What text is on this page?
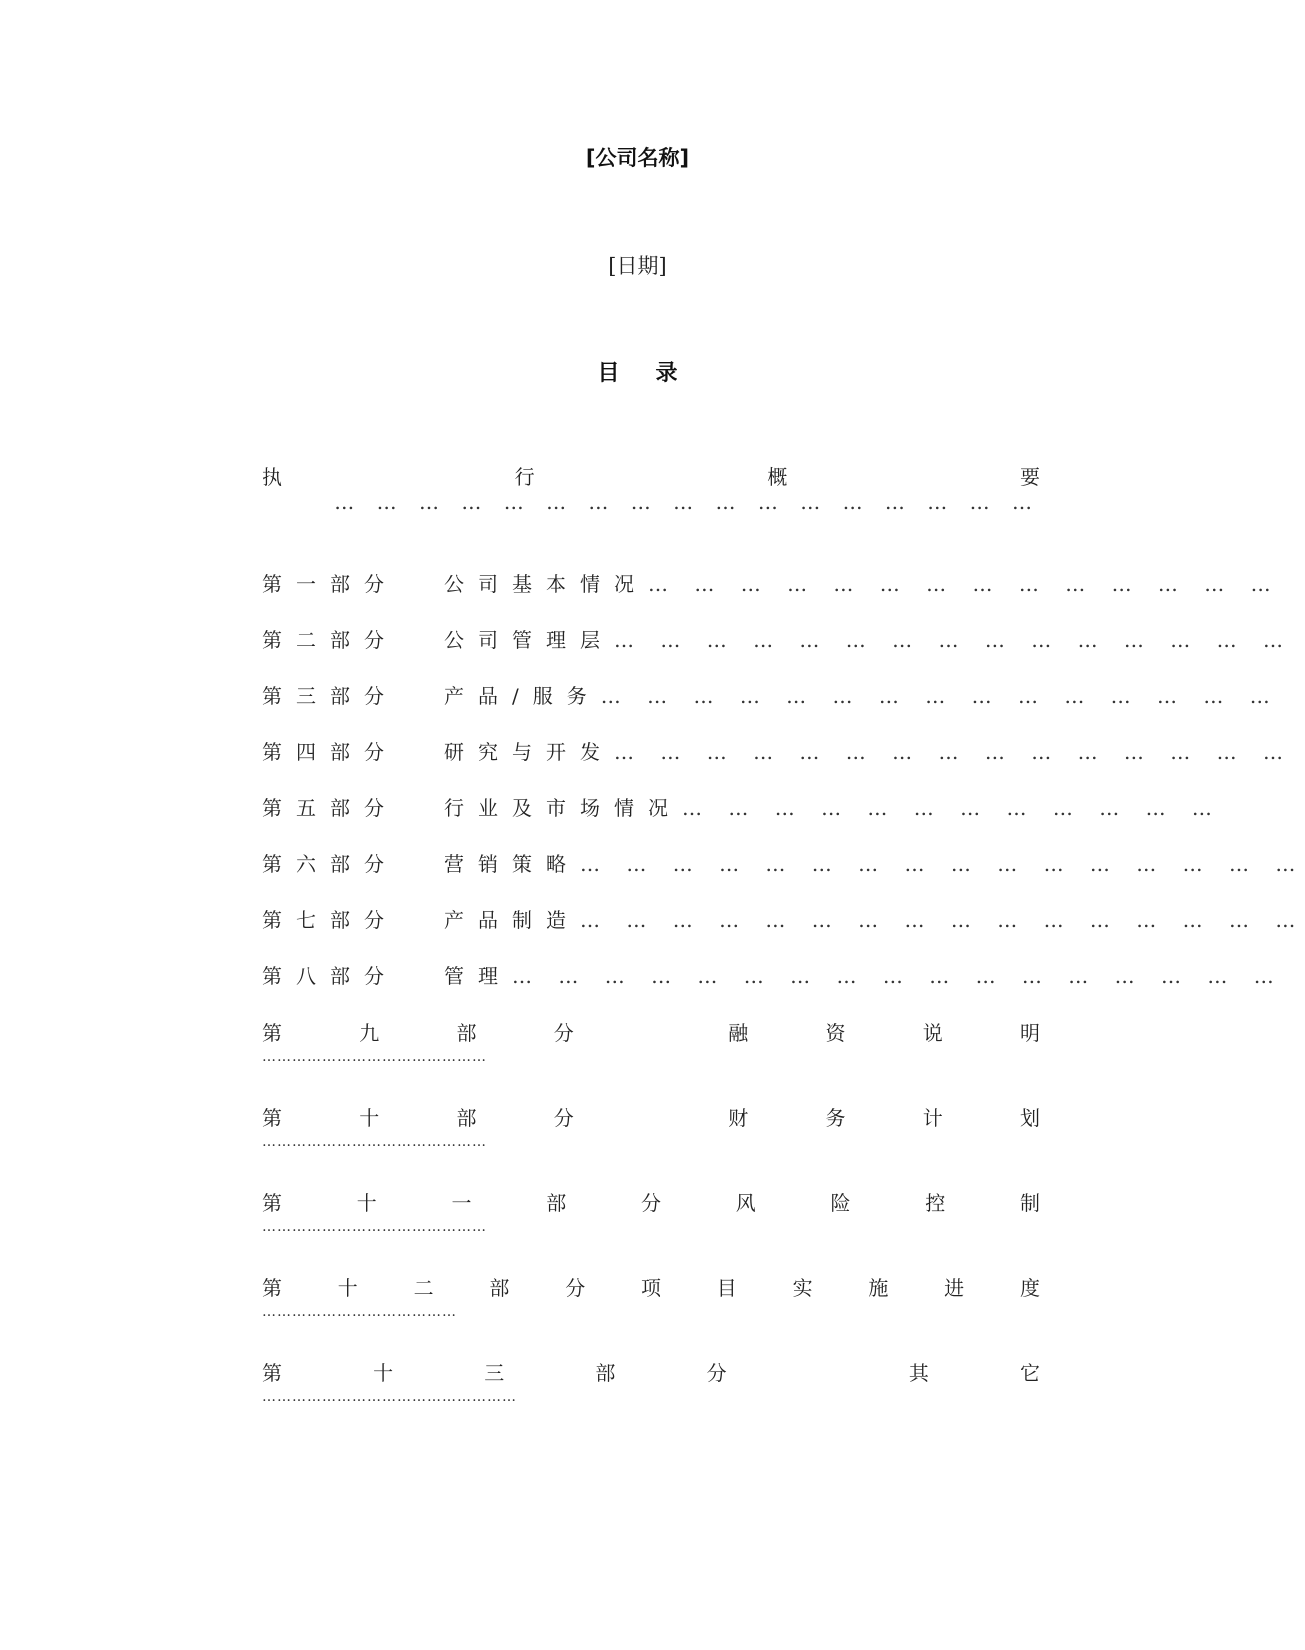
[公司名称]
[日期]
目 录
执	行	概	要
… … … … … … … … … … … … … … … … …
第一部分	公司基本情况 … … … … … … … … … … … … … …
第二部分	公司管理层 … … … … … … … … … … … … … … …
第三部分	产品/服务 … … … … … … … … … … … … … … …
第四部分	研究与开发 … … … … … … … … … … … … … … …
第五部分	行业及市场情况 … … … … … … … … … … … …
第六部分	营销策略 … … … … … … … … … … … … … … … …
第七部分	产品制造 … … … … … … … … … … … … … … … …
第八部分	管理 … … … … … … … … … … … … … … … … …
第	九	部	分	融	资	说	明
………………………………………
第	十	部	分	财	务	计	划
………………………………………
第	十	一	部	分	风	险	控	制
………………………………………
第	十	二	部	分	项	目	实	施	进	度
…………………………………
第	十	三	部	分	其	它
……………………………………………
